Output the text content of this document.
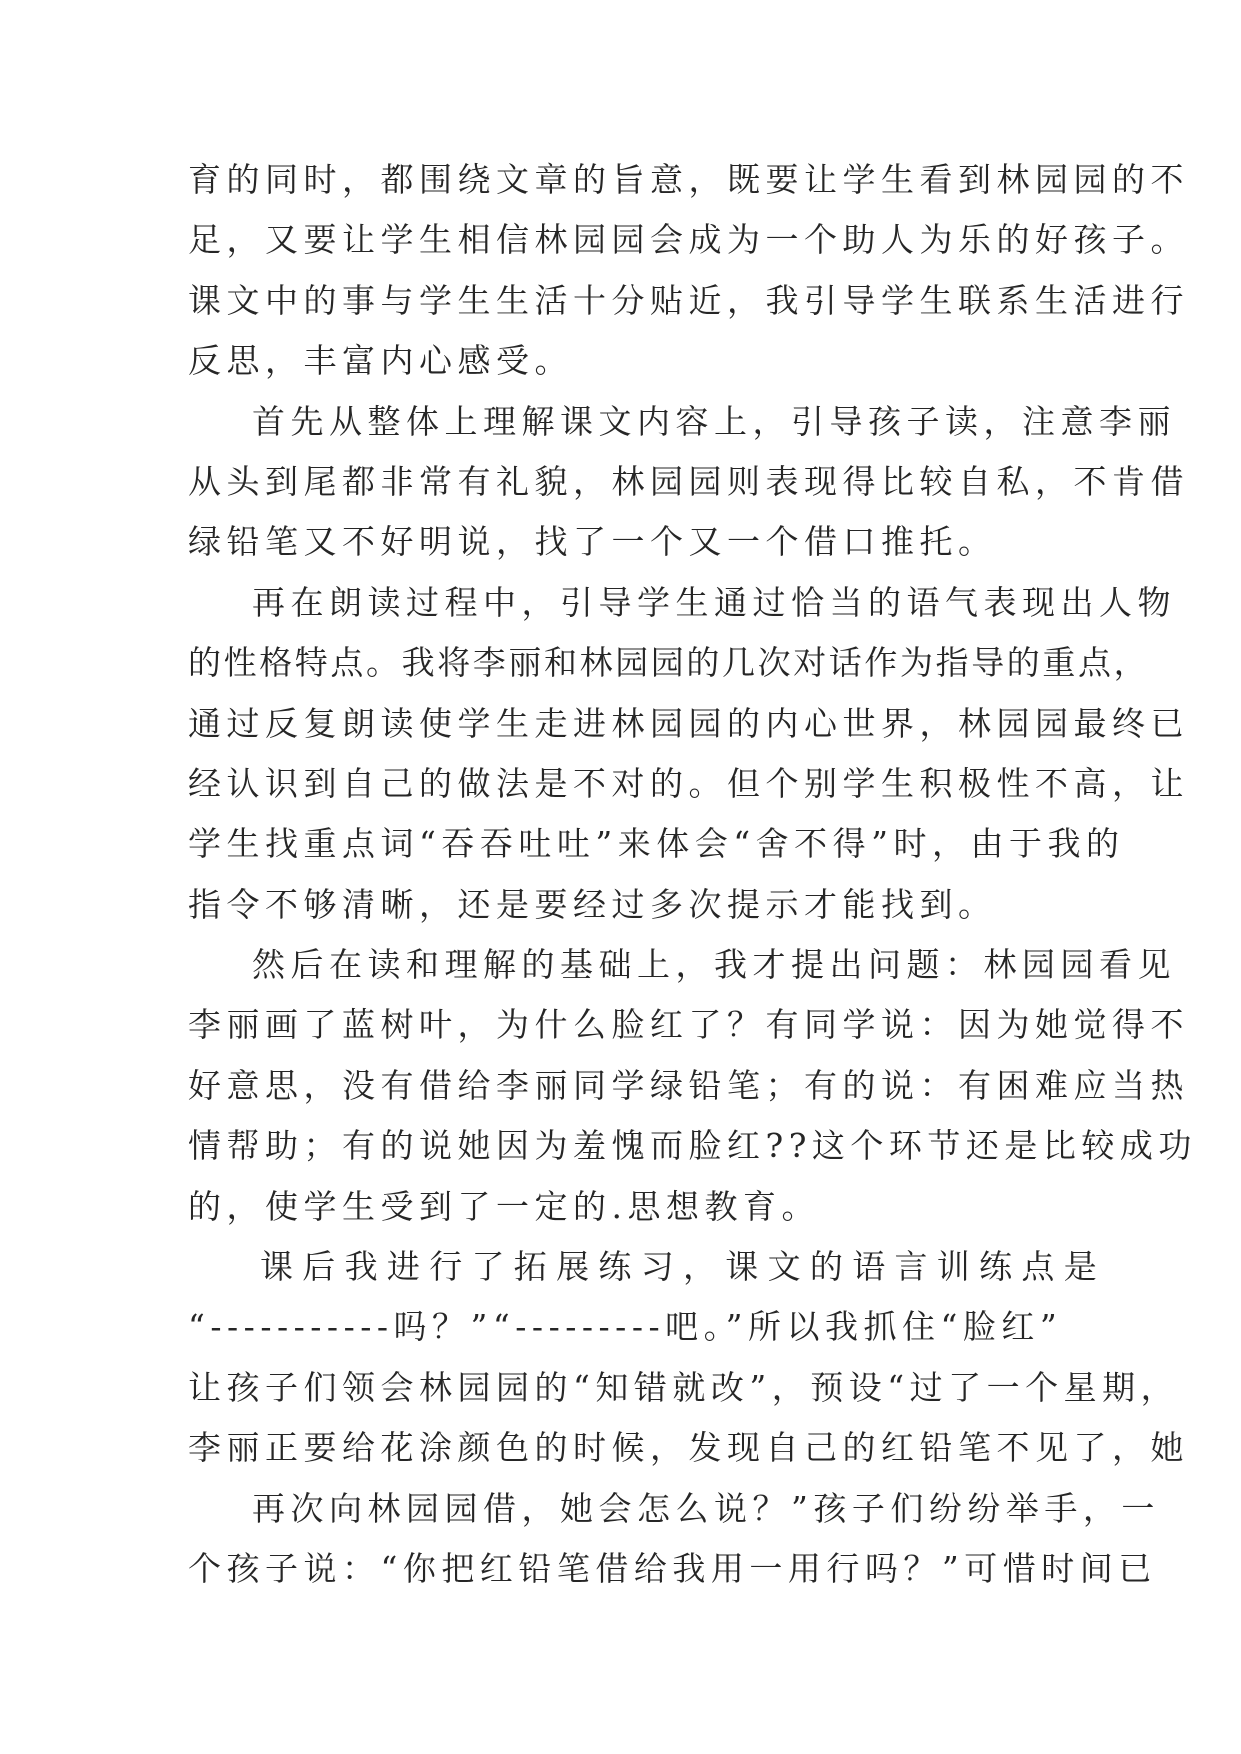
育的同时，都围绕文章的旨意，既要让学生看到林园园的不
足，又要让学生相信林园园会成为一个助人为乐的好孩子。
课文中的事与学生生活十分贴近，我引导学生联系生活进行
反思，丰富内心感受。
首先从整体上理解课文内容上，引导孩子读，注意李丽
从头到尾都非常有礼貌，林园园则表现得比较自私，不肯借
绿铅笔又不好明说，找了一个又一个借口推托。
再在朗读过程中，引导学生通过恰当的语气表现出人物
的性格特点。我将李丽和林园园的几次对话作为指导的重点，
通过反复朗读使学生走进林园园的内心世界，林园园最终已
经认识到自己的做法是不对的。但个别学生积极性不高，让
学生找重点词“吞吞吐吐”来体会“舍不得”时，由于我的
指令不够清晰，还是要经过多次提示才能找到。
然后在读和理解的基础上，我才提出问题：林园园看见
李丽画了蓝树叶，为什么脸红了？有同学说：因为她觉得不
好意思，没有借给李丽同学绿铅笔；有的说：有困难应当热
情帮助；有的说她因为羞愧而脸红??这个环节还是比较成功
的，使学生受到了一定的.思想教育。
课后我进行了拓展练习，课文的语言训练点是
“-----------吗？”“---------吧。”所以我抓住“脸红”
让孩子们领会林园园的“知错就改”，预设“过了一个星期，
李丽正要给花涂颜色的时候，发现自己的红铅笔不见了，她
再次向林园园借，她会怎么说？”孩子们纷纷举手，一
个孩子说：“你把红铅笔借给我用一用行吗？”可惜时间已
